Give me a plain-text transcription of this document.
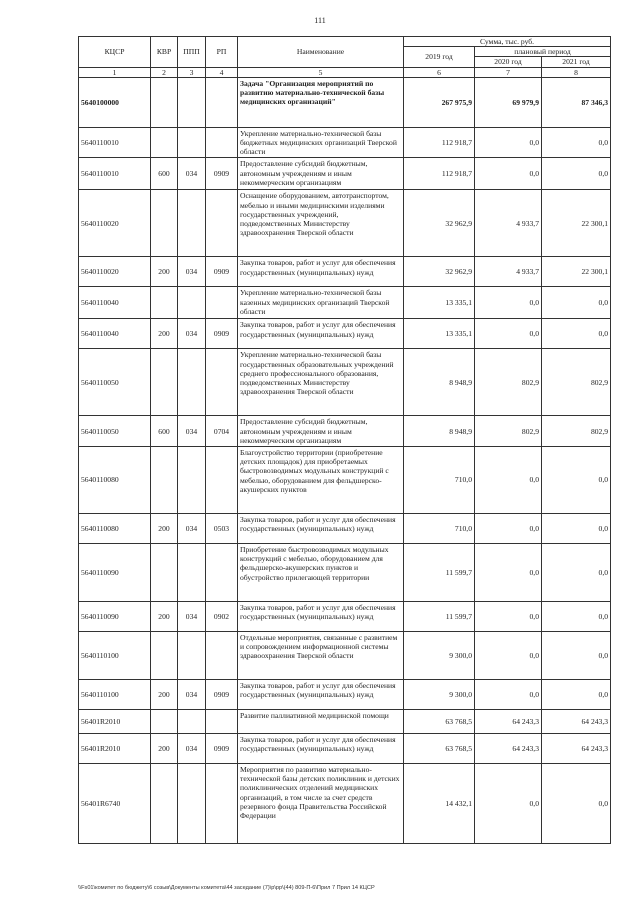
111
КЦСР	КВР	ППП	РП	Наименование	Сумма, тыс. руб.		
					2019 год	плановый период	
						2020 год	2021 год
1	2	3	4	5	6	7	8
5640100000				Задача "Организация мероприятий по развитию материально-технической базы медицинских организаций"	267 975,9	69 979,9	87 346,3
5640110010				Укрепление материально-технической базы бюджетных медицинских организаций Тверской области	112 918,7	0,0	0,0
5640110010	600	034	0909	Предоставление субсидий бюджетным, автономным учреждениям и иным некоммерческим организациям	112 918,7	0,0	0,0
5640110020				Оснащение оборудованием, автотранспортом, мебелью и иными медицинскими изделиями государственных учреждений, подведомственных Министерству здравоохранения Тверской области	32 962,9	4 933,7	22 300,1
5640110020	200	034	0909	Закупка товаров, работ и услуг для обеспечения государственных (муниципальных) нужд	32 962,9	4 933,7	22 300,1
5640110040				Укрепление материально-технической базы казенных медицинских организаций Тверской области	13 335,1	0,0	0,0
5640110040	200	034	0909	Закупка товаров, работ и услуг для обеспечения государственных (муниципальных) нужд	13 335,1	0,0	0,0
5640110050				Укрепление материально-технической базы государственных образовательных учреждений среднего профессионального образования, подведомственных Министерству здравоохранения Тверской области	8 948,9	802,9	802,9
5640110050	600	034	0704	Предоставление субсидий бюджетным, автономным учреждениям и иным некоммерческим организациям	8 948,9	802,9	802,9
5640110080				Благоустройство территории (приобретение детских площадок) для приобретаемых быстровозводимых модульных конструкций с мебелью, оборудованием для фельдшерско-акушерских пунктов	710,0	0,0	0,0
5640110080	200	034	0503	Закупка товаров, работ и услуг для обеспечения государственных (муниципальных) нужд	710,0	0,0	0,0
5640110090				Приобретение быстровозводимых модульных конструкций с мебелью, оборудованием для фельдшерско-акушерских пунктов и обустройство прилегающей территории	11 599,7	0,0	0,0
5640110090	200	034	0902	Закупка товаров, работ и услуг для обеспечения государственных (муниципальных) нужд	11 599,7	0,0	0,0
5640110100				Отдельные мероприятия, связанные с развитием и сопровождением информационной системы здравоохранения Тверской области	9 300,0	0,0	0,0
5640110100	200	034	0909	Закупка товаров, работ и услуг для обеспечения государственных (муниципальных) нужд	9 300,0	0,0	0,0
56401R2010				Развитие паллиативной медицинской помощи	63 768,5	64 243,3	64 243,3
56401R2010	200	034	0909	Закупка товаров, работ и услуг для обеспечения государственных (муниципальных) нужд	63 768,5	64 243,3	64 243,3
56401R6740				Мероприятия по развитию материально-технической базы детских поликлиник и детских поликлинических отделений медицинских организаций, в том числе за счет средств резервного фонда Правительства Российской Федерации	14 432,1	0,0	0,0
\\Fs01\комитет по бюджету\6 созыв\Документы комитета\44 заседание (7)\р\рр\(44) 809-П-6\Прил 7 Прил 14 КЦСР
